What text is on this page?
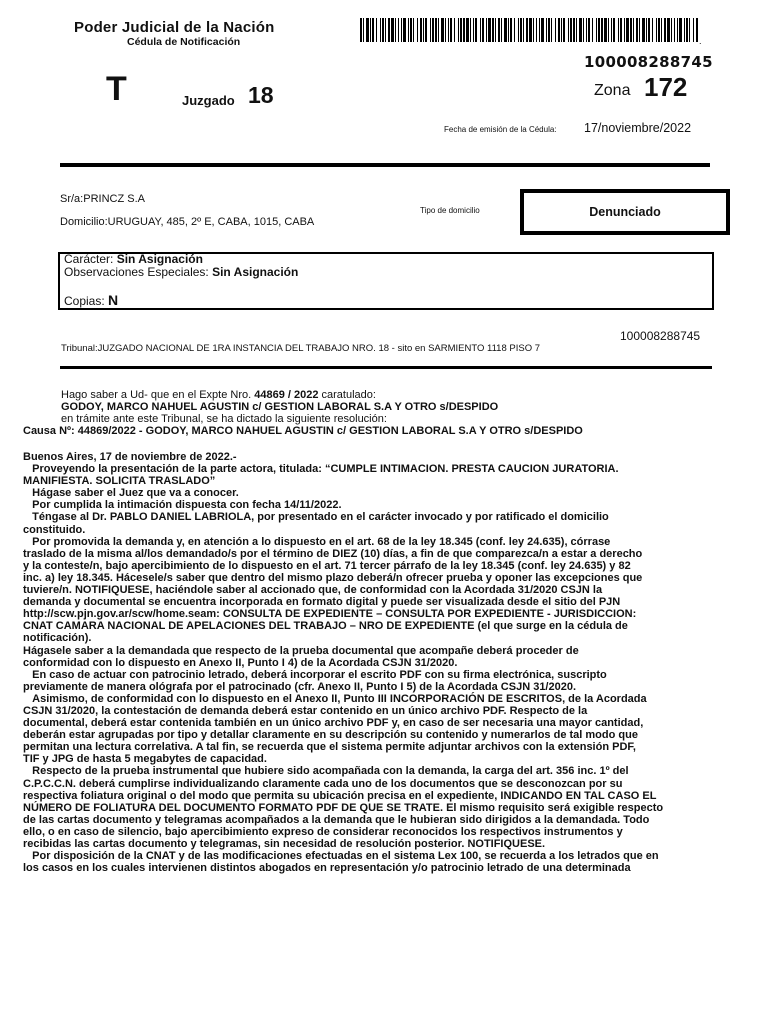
Poder Judicial de la Nación
Cédula de Notificación	.
T	Juzgado 18
100008288745
Zona 172
Fecha de emisión de la Cédula: 17/noviembre/2022
Sr/a:PRINCZ S.A
Domicilio:URUGUAY, 485, 2º E, CABA, 1015, CABA
Tipo de domicilio	Denunciado
Carácter: Sin Asignación
Observaciones Especiales: Sin Asignación
Copias: N
100008288745
Tribunal:JUZGADO NACIONAL DE 1RA INSTANCIA DEL TRABAJO NRO. 18 - sito en SARMIENTO 1118 PISO 7
Hago saber a Ud- que en el Expte Nro. 44869 / 2022 caratulado:
GODOY, MARCO NAHUEL AGUSTIN c/ GESTION LABORAL S.A Y OTRO s/DESPIDO
en trámite ante este Tribunal, se ha dictado la siguiente resolución:
Causa Nº: 44869/2022 - GODOY, MARCO NAHUEL AGUSTIN c/ GESTION LABORAL S.A Y OTRO s/DESPIDO
Buenos Aires, 17 de noviembre de 2022.-
Proveyendo la presentación de la parte actora, titulada: “CUMPLE INTIMACION. PRESTA CAUCION JURATORIA.
MANIFIESTA. SOLICITA TRASLADO”
Hágase saber el Juez que va a conocer.
Por cumplida la intimación dispuesta con fecha 14/11/2022.
Téngase al Dr. PABLO DANIEL LABRIOLA, por presentado en el carácter invocado y por ratificado el domicilio
constituido.
Por promovida la demanda y, en atención a lo dispuesto en el art. 68 de la ley 18.345 (conf. ley 24.635), córrase
traslado de la misma al/los demandado/s por el término de DIEZ (10) días, a fin de que comparezca/n a estar a derecho
y la conteste/n, bajo apercibimiento de lo dispuesto en el art. 71 tercer párrafo de la ley 18.345 (conf. ley 24.635) y 82
inc. a) ley 18.345. Hácesele/s saber que dentro del mismo plazo deberá/n ofrecer prueba y oponer las excepciones que
tuviere/n. NOTIFIQUESE, haciéndole saber al accionado que, de conformidad con la Acordada 31/2020 CSJN la
demanda y documental se encuentra incorporada en formato digital y puede ser visualizada desde el sitio del PJN
http://scw.pjn.gov.ar/scw/home.seam: CONSULTA DE EXPEDIENTE – CONSULTA POR EXPEDIENTE - JURISDICCION:
CNAT CAMARA NACIONAL DE APELACIONES DEL TRABAJO – NRO DE EXPEDIENTE (el que surge en la cédula de
notificación).
Hágasele saber a la demandada que respecto de la prueba documental que acompañe deberá proceder de
conformidad con lo dispuesto en Anexo II, Punto I 4) de la Acordada CSJN 31/2020.
En caso de actuar con patrocinio letrado, deberá incorporar el escrito PDF con su firma electrónica, suscripto
previamente de manera ológrafa por el patrocinado (cfr. Anexo II, Punto I 5) de la Acordada CSJN 31/2020.
Asimismo, de conformidad con lo dispuesto en el Anexo II, Punto III INCORPORACIÓN DE ESCRITOS, de la Acordada
CSJN 31/2020, la contestación de demanda deberá estar contenido en un único archivo PDF. Respecto de la
documental, deberá estar contenida también en un único archivo PDF y, en caso de ser necesaria una mayor cantidad,
deberán estar agrupadas por tipo y detallar claramente en su descripción su contenido y numerarlos de tal modo que
permitan una lectura correlativa. A tal fin, se recuerda que el sistema permite adjuntar archivos con la extensión PDF,
TIF y JPG de hasta 5 megabytes de capacidad.
Respecto de la prueba instrumental que hubiere sido acompañada con la demanda, la carga del art. 356 inc. 1º del
C.P.C.C.N. deberá cumplirse individualizando claramente cada uno de los documentos que se desconozcan por su
respectiva foliatura original o del modo que permita su ubicación precisa en el expediente, INDICANDO EN TAL CASO EL
NÚMERO DE FOLIATURA DEL DOCUMENTO FORMATO PDF DE QUE SE TRATE. El mismo requisito será exigible respecto
de las cartas documento y telegramas acompañados a la demanda que le hubieran sido dirigidos a la demandada. Todo
ello, o en caso de silencio, bajo apercibimiento expreso de considerar reconocidos los respectivos instrumentos y
recibidas las cartas documento y telegramas, sin necesidad de resolución posterior. NOTIFIQUESE.
Por disposición de la CNAT y de las modificaciones efectuadas en el sistema Lex 100, se recuerda a los letrados que en
los casos en los cuales intervienen distintos abogados en representación y/o patrocinio letrado de una determinada
